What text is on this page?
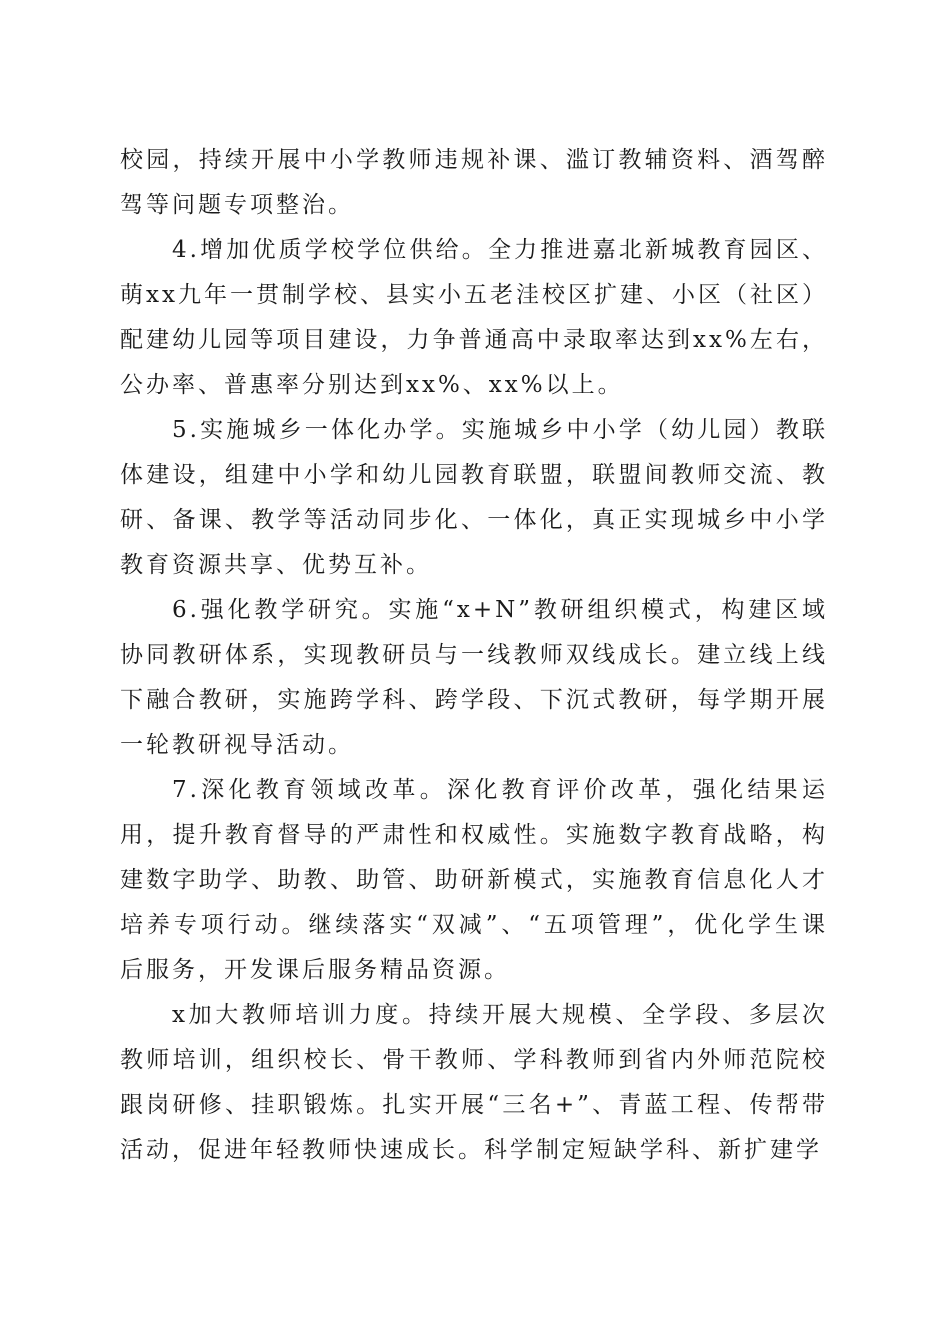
校园，持续开展中小学教师违规补课、滥订教辅资料、酒驾醉驾等问题专项整治。

4.增加优质学校学位供给。全力推进嘉北新城教育园区、萌xx九年一贯制学校、县实小五老洼校区扩建、小区（社区）配建幼儿园等项目建设，力争普通高中录取率达到xx%左右，公办率、普惠率分别达到xx%、xx%以上。

5.实施城乡一体化办学。实施城乡中小学（幼儿园）教联体建设，组建中小学和幼儿园教育联盟，联盟间教师交流、教研、备课、教学等活动同步化、一体化，真正实现城乡中小学教育资源共享、优势互补。

6.强化教学研究。实施“x+N”教研组织模式，构建区域协同教研体系，实现教研员与一线教师双线成长。建立线上线下融合教研，实施跨学科、跨学段、下沉式教研，每学期开展一轮教研视导活动。

7.深化教育领域改革。深化教育评价改革，强化结果运用，提升教育督导的严肃性和权威性。实施数字教育战略，构建数字助学、助教、助管、助研新模式，实施教育信息化人才培养专项行动。继续落实“双减”、“五项管理”，优化学生课后服务，开发课后服务精品资源。

x加大教师培训力度。持续开展大规模、全学段、多层次教师培训，组织校长、骨干教师、学科教师到省内外师范院校跟岗研修、挂职锻炼。扎实开展“三名+”、青蓝工程、传帮带活动，促进年轻教师快速成长。科学制定短缺学科、新扩建学
